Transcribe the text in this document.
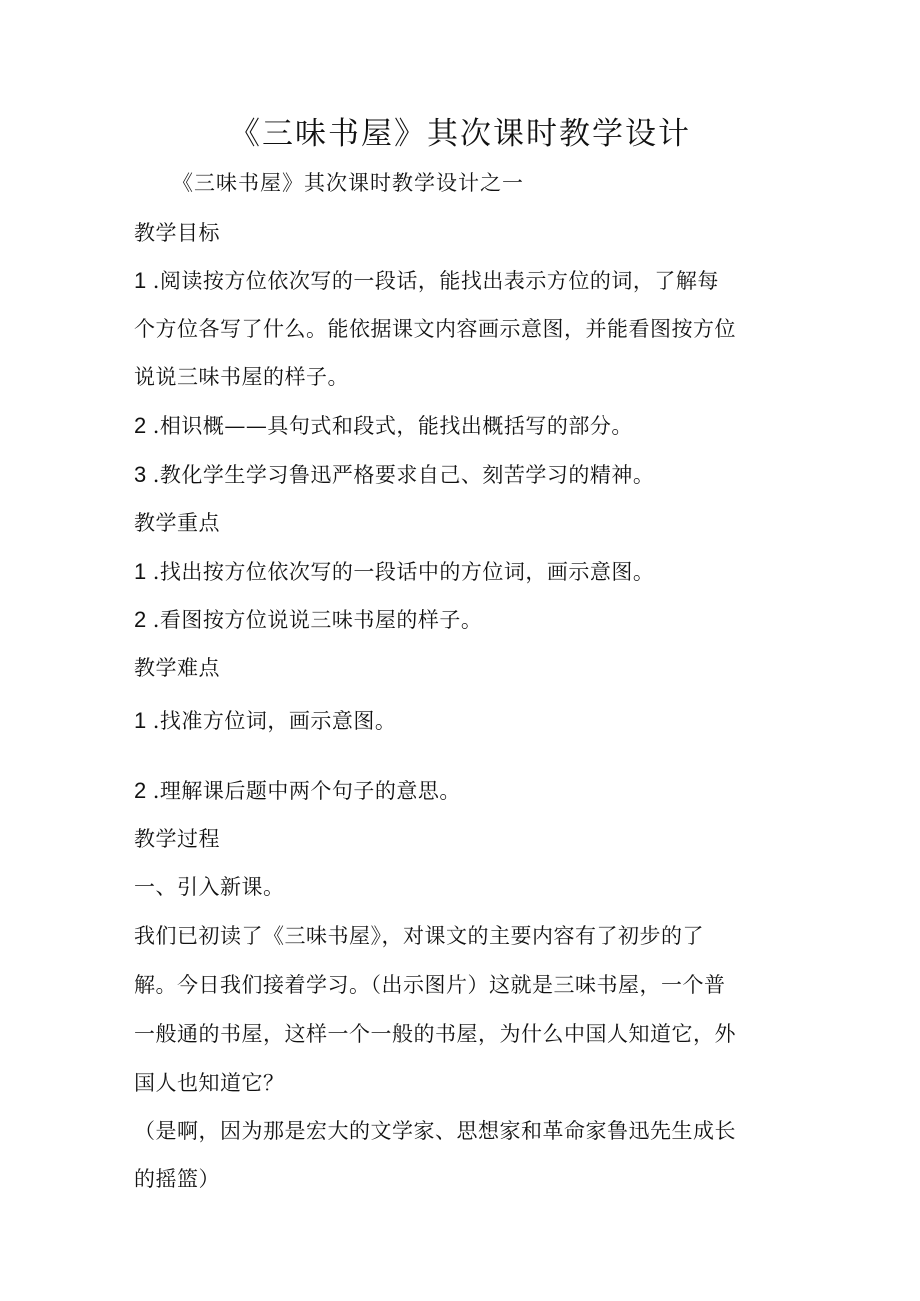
《三味书屋》其次课时教学设计
《三味书屋》其次课时教学设计之一
教学目标
1 .阅读按方位依次写的一段话，能找出表示方位的词，了解每
个方位各写了什么。能依据课文内容画示意图，并能看图按方位
说说三味书屋的样子。
2 .相识概——具句式和段式，能找出概括写的部分。
3 .教化学生学习鲁迅严格要求自己、刻苦学习的精神。
教学重点
1 .找出按方位依次写的一段话中的方位词，画示意图。
2 .看图按方位说说三味书屋的样子。
教学难点
1 .找准方位词，画示意图。
2 .理解课后题中两个句子的意思。
教学过程
一、引入新课。
我们已初读了《三味书屋》，对课文的主要内容有了初步的了
解。今日我们接着学习。（出示图片）这就是三味书屋，一个普
一般通的书屋，这样一个一般的书屋，为什么中国人知道它，外
国人也知道它？
（是啊，因为那是宏大的文学家、思想家和革命家鲁迅先生成长
的摇篮）
